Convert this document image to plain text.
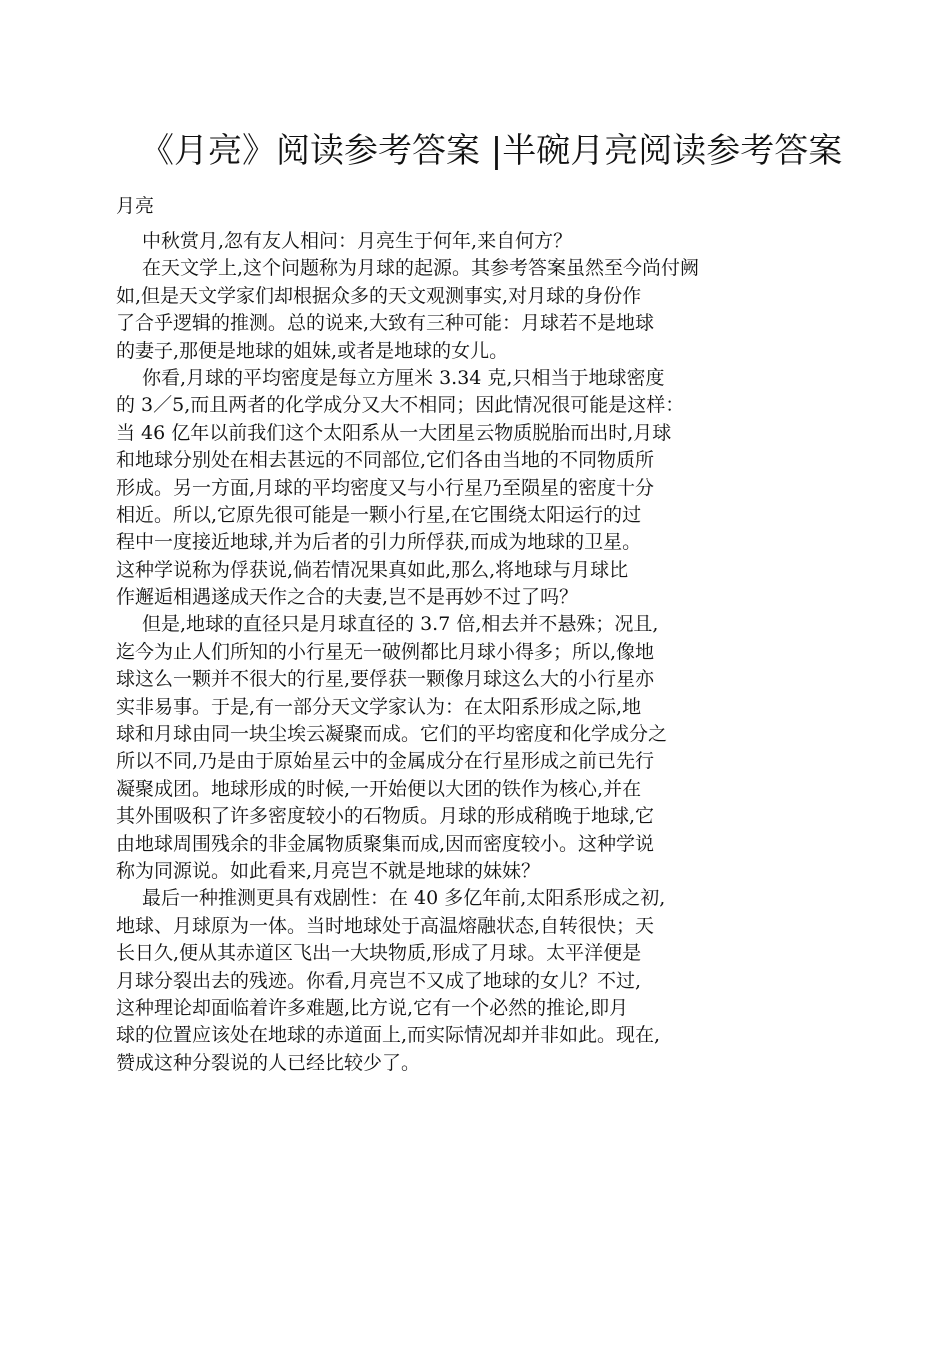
《月亮》阅读参考答案 |半碗月亮阅读参考答案
月亮
中秋赏月,忽有友人相问：月亮生于何年,来自何方？
在天文学上,这个问题称为月球的起源。其参考答案虽然至今尚付阙
如,但是天文学家们却根据众多的天文观测事实,对月球的身份作
了合乎逻辑的推测。总的说来,大致有三种可能：月球若不是地球
的妻子,那便是地球的姐妹,或者是地球的女儿。
你看,月球的平均密度是每立方厘米 3.34 克,只相当于地球密度
的 3／5,而且两者的化学成分又大不相同；因此情况很可能是这样：
当 46 亿年以前我们这个太阳系从一大团星云物质脱胎而出时,月球
和地球分别处在相去甚远的不同部位,它们各由当地的不同物质所
形成。另一方面,月球的平均密度又与小行星乃至陨星的密度十分
相近。所以,它原先很可能是一颗小行星,在它围绕太阳运行的过
程中一度接近地球,并为后者的引力所俘获,而成为地球的卫星。
这种学说称为俘获说,倘若情况果真如此,那么,将地球与月球比
作邂逅相遇遂成天作之合的夫妻,岂不是再妙不过了吗？
但是,地球的直径只是月球直径的 3.7 倍,相去并不悬殊；况且,
迄今为止人们所知的小行星无一破例都比月球小得多；所以,像地
球这么一颗并不很大的行星,要俘获一颗像月球这么大的小行星亦
实非易事。于是,有一部分天文学家认为：在太阳系形成之际,地
球和月球由同一块尘埃云凝聚而成。它们的平均密度和化学成分之
所以不同,乃是由于原始星云中的金属成分在行星形成之前已先行
凝聚成团。地球形成的时候,一开始便以大团的铁作为核心,并在
其外围吸积了许多密度较小的石物质。月球的形成稍晚于地球,它
由地球周围残余的非金属物质聚集而成,因而密度较小。这种学说
称为同源说。如此看来,月亮岂不就是地球的妹妹？
最后一种推测更具有戏剧性：在 40 多亿年前,太阳系形成之初,
地球、月球原为一体。当时地球处于高温熔融状态,自转很快；天
长日久,便从其赤道区飞出一大块物质,形成了月球。太平洋便是
月球分裂出去的残迹。你看,月亮岂不又成了地球的女儿？不过,
这种理论却面临着许多难题,比方说,它有一个必然的推论,即月
球的位置应该处在地球的赤道面上,而实际情况却并非如此。现在,
赞成这种分裂说的人已经比较少了。
